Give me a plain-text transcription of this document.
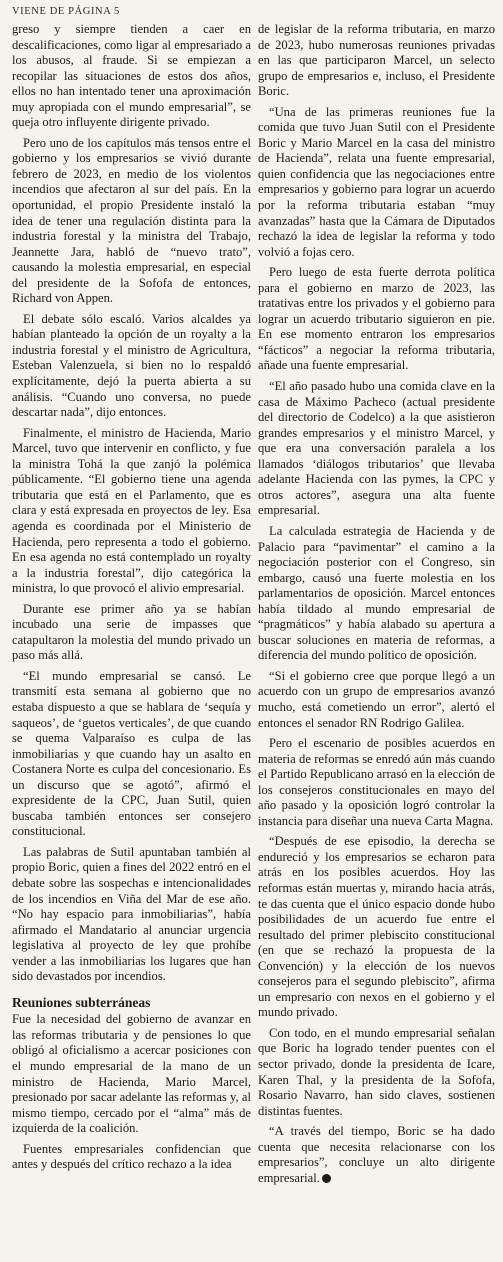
VIENE DE PÁGINA 5

greso y siempre tienden a caer en descalificaciones, como ligar al empresariado a los abusos, al fraude. Si se empiezan a recopilar las situaciones de estos dos años, ellos no han intentado tener una aproximación muy apropiada con el mundo empresarial”, se queja otro influyente dirigente privado.

Pero uno de los capítulos más tensos entre el gobierno y los empresarios se vivió durante febrero de 2023, en medio de los violentos incendios que afectaron al sur del país. En la oportunidad, el propio Presidente instaló la idea de tener una regulación distinta para la industria forestal y la ministra del Trabajo, Jeannette Jara, habló de “nuevo trato”, causando la molestia empresarial, en especial del presidente de la Sofofa de entonces, Richard von Appen.

El debate sólo escaló. Varios alcaldes ya habían planteado la opción de un royalty a la industria forestal y el ministro de Agricultura, Esteban Valenzuela, si bien no lo respaldó explícitamente, dejó la puerta abierta a su análisis. “Cuando uno conversa, no puede descartar nada”, dijo entonces.

Finalmente, el ministro de Hacienda, Mario Marcel, tuvo que intervenir en conflicto, y fue la ministra Tohá la que zanjó la polémica públicamente. “El gobierno tiene una agenda tributaria que está en el Parlamento, que es clara y está expresada en proyectos de ley. Esa agenda es coordinada por el Ministerio de Hacienda, pero representa a todo el gobierno. En esa agenda no está contemplado un royalty a la industria forestal”, dijo categórica la ministra, lo que provocó el alivio empresarial.

Durante ese primer año ya se habían incubado una serie de impasses que catapultaron la molestia del mundo privado un paso más allá.

“El mundo empresarial se cansó. Le transmití esta semana al gobierno que no estaba dispuesto a que se hablara de ‘sequía y saqueos’, de ‘guetos verticales’, de que cuando se quema Valparaíso es culpa de las inmobiliarias y que cuando hay un asalto en Costanera Norte es culpa del concesionario. Es un discurso que se agotó”, afirmó el expresidente de la CPC, Juan Sutil, quien buscaba también entonces ser consejero constitucional.

Las palabras de Sutil apuntaban también al propio Boric, quien a fines del 2022 entró en el debate sobre las sospechas e intencionalidades de los incendios en Viña del Mar de ese año. “No hay espacio para inmobiliarias”, había afirmado el Mandatario al anunciar urgencia legislativa al proyecto de ley que prohíbe vender a las inmobiliarias los lugares que han sido devastados por incendios.

Reuniones subterráneas

Fue la necesidad del gobierno de avanzar en las reformas tributaria y de pensiones lo que obligó al oficialismo a acercar posiciones con el mundo empresarial de la mano de un ministro de Hacienda, Mario Marcel, presionado por sacar adelante las reformas y, al mismo tiempo, cercado por el “alma” más de izquierda de la coalición.

Fuentes empresariales confidencian que antes y después del crítico rechazo a la idea

de legislar de la reforma tributaria, en marzo de 2023, hubo numerosas reuniones privadas en las que participaron Marcel, un selecto grupo de empresarios e, incluso, el Presidente Boric.

“Una de las primeras reuniones fue la comida que tuvo Juan Sutil con el Presidente Boric y Mario Marcel en la casa del ministro de Hacienda”, relata una fuente empresarial, quien confidencia que las negociaciones entre empresarios y gobierno para lograr un acuerdo por la reforma tributaria estaban “muy avanzadas” hasta que la Cámara de Diputados rechazó la idea de legislar la reforma y todo volvió a fojas cero.

Pero luego de esta fuerte derrota política para el gobierno en marzo de 2023, las tratativas entre los privados y el gobierno para lograr un acuerdo tributario siguieron en pie. En ese momento entraron los empresarios “fácticos” a negociar la reforma tributaria, añade una fuente empresarial.

“El año pasado hubo una comida clave en la casa de Máximo Pacheco (actual presidente del directorio de Codelco) a la que asistieron grandes empresarios y el ministro Marcel, y que era una conversación paralela a los llamados ‘diálogos tributarios’ que llevaba adelante Hacienda con las pymes, la CPC y otros actores”, asegura una alta fuente empresarial.

La calculada estrategia de Hacienda y de Palacio para “pavimentar” el camino a la negociación posterior con el Congreso, sin embargo, causó una fuerte molestia en los parlamentarios de oposición. Marcel entonces había tildado al mundo empresarial de “pragmáticos” y había alabado su apertura a buscar soluciones en materia de reformas, a diferencia del mundo político de oposición.

“Si el gobierno cree que porque llegó a un acuerdo con un grupo de empresarios avanzó mucho, está cometiendo un error”, alertó el entonces el senador RN Rodrigo Galilea.

Pero el escenario de posibles acuerdos en materia de reformas se enredó aún más cuando el Partido Republicano arrasó en la elección de los consejeros constitucionales en mayo del año pasado y la oposición logró controlar la instancia para diseñar una nueva Carta Magna.

“Después de ese episodio, la derecha se endureció y los empresarios se echaron para atrás en los posibles acuerdos. Hoy las reformas están muertas y, mirando hacia atrás, te das cuenta que el único espacio donde hubo posibilidades de un acuerdo fue entre el resultado del primer plebiscito constitucional (en que se rechazó la propuesta de la Convención) y la elección de los nuevos consejeros para el segundo plebiscito”, afirma un empresario con nexos en el gobierno y el mundo privado.

Con todo, en el mundo empresarial señalan que Boric ha logrado tender puentes con el sector privado, donde la presidenta de Icare, Karen Thal, y la presidenta de la Sofofa, Rosario Navarro, han sido claves, sostienen distintas fuentes.

“A través del tiempo, Boric se ha dado cuenta que necesita relacionarse con los empresarios”, concluye un alto dirigente empresarial.
